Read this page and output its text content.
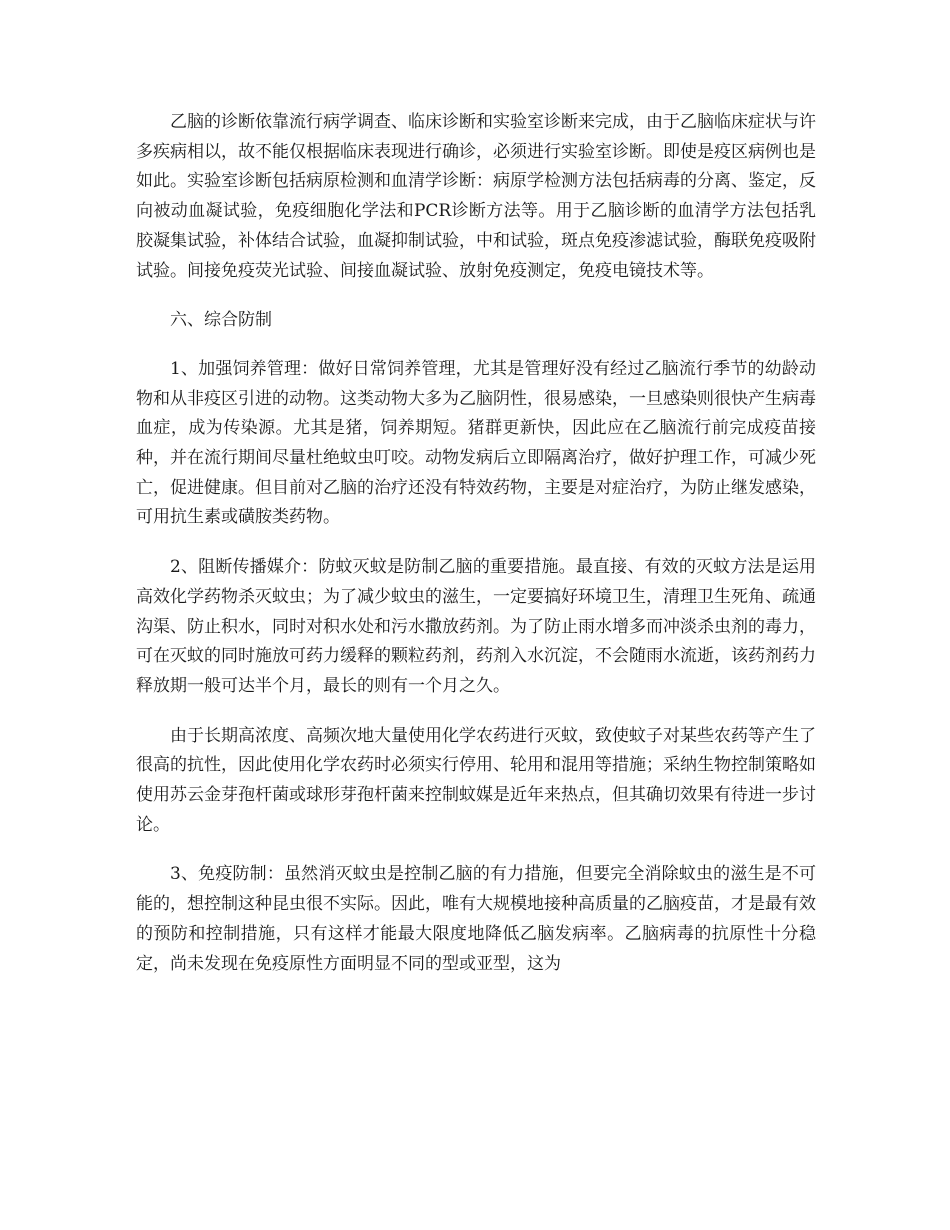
乙脑的诊断依靠流行病学调查、临床诊断和实验室诊断来完成，由于乙脑临床症状与许多疾病相以，故不能仅根据临床表现进行确诊，必须进行实验室诊断。即使是疫区病例也是如此。实验室诊断包括病原检测和血清学诊断：病原学检测方法包括病毒的分离、鉴定，反向被动血凝试验，免疫细胞化学法和PCR诊断方法等。用于乙脑诊断的血清学方法包括乳胶凝集试验，补体结合试验，血凝抑制试验，中和试验，斑点免疫渗滤试验，酶联免疫吸附试验。间接免疫荧光试验、间接血凝试验、放射免疫测定，免疫电镜技术等。

六、综合防制

1、加强饲养管理：做好日常饲养管理，尤其是管理好没有经过乙脑流行季节的幼龄动物和从非疫区引进的动物。这类动物大多为乙脑阴性，很易感染，一旦感染则很快产生病毒血症，成为传染源。尤其是猪，饲养期短。猪群更新快，因此应在乙脑流行前完成疫苗接种，并在流行期间尽量杜绝蚊虫叮咬。动物发病后立即隔离治疗，做好护理工作，可减少死亡，促进健康。但目前对乙脑的治疗还没有特效药物，主要是对症治疗，为防止继发感染，可用抗生素或磺胺类药物。

2、阻断传播媒介：防蚊灭蚊是防制乙脑的重要措施。最直接、有效的灭蚊方法是运用高效化学药物杀灭蚊虫；为了减少蚊虫的滋生，一定要搞好环境卫生，清理卫生死角、疏通沟渠、防止积水，同时对积水处和污水撒放药剂。为了防止雨水增多而冲淡杀虫剂的毒力，可在灭蚊的同时施放可药力缓释的颗粒药剂，药剂入水沉淀，不会随雨水流逝，该药剂药力释放期一般可达半个月，最长的则有一个月之久。

由于长期高浓度、高频次地大量使用化学农药进行灭蚊，致使蚊子对某些农药等产生了很高的抗性，因此使用化学农药时必须实行停用、轮用和混用等措施；采纳生物控制策略如使用苏云金芽孢杆菌或球形芽孢杆菌来控制蚊媒是近年来热点，但其确切效果有待进一步讨论。

3、免疫防制：虽然消灭蚊虫是控制乙脑的有力措施，但要完全消除蚊虫的滋生是不可能的，想控制这种昆虫很不实际。因此，唯有大规模地接种高质量的乙脑疫苗，才是最有效的预防和控制措施，只有这样才能最大限度地降低乙脑发病率。乙脑病毒的抗原性十分稳定，尚未发现在免疫原性方面明显不同的型或亚型，这为
